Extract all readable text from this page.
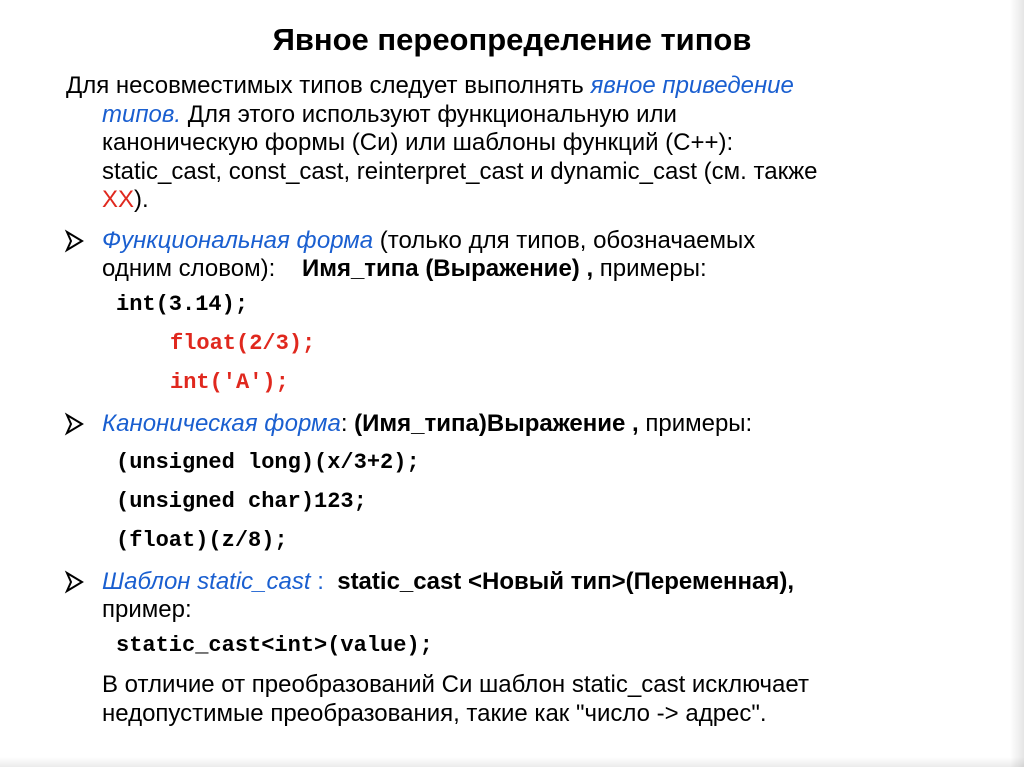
Явное переопределение типов
Для несовместимых типов следует выполнять явное приведение
типов. Для этого используют функциональную или
каноническую формы (Си) или шаблоны функций (С++):
static_cast, const_cast, reinterpret_cast и dynamic_cast (см. также
ХХ).
Функциональная форма (только для типов, обозначаемых
одним словом):    Имя_типа (Выражение) , примеры:
int(3.14);
float(2/3);
int('A');
Каноническая форма: (Имя_типа)Выражение , примеры:
(unsigned long)(x/3+2);
(unsigned char)123;
(float)(z/8);
Шаблон static_cast :  static_cast <Новый тип>(Переменная),
пример:
static_cast<int>(value);
В отличие от преобразований Си шаблон static_cast исключает
недопустимые преобразования, такие как "число -> адрес".
